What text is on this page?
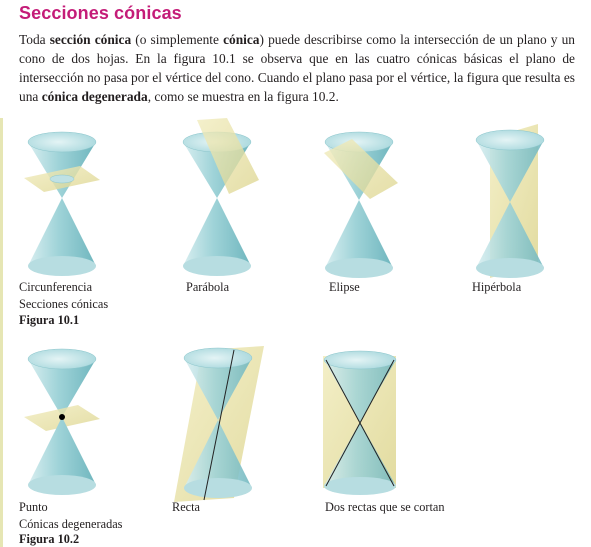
Secciones cónicas

Toda sección cónica (o simplemente cónica) puede describirse como la intersección de un plano y un cono de dos hojas. En la figura 10.1 se observa que en las cuatro cónicas básicas el plano de intersección no pasa por el vértice del cono. Cuando el plano pasa por el vértice, la figura que resulta es una cónica degenerada, como se muestra en la figura 10.2.

Circunferencia	Parábola	Elipse	Hipérbola
Secciones cónicas
Figura 10.1
Punto	Recta	Dos rectas que se cortan
Cónicas degeneradas
Figura 10.2
